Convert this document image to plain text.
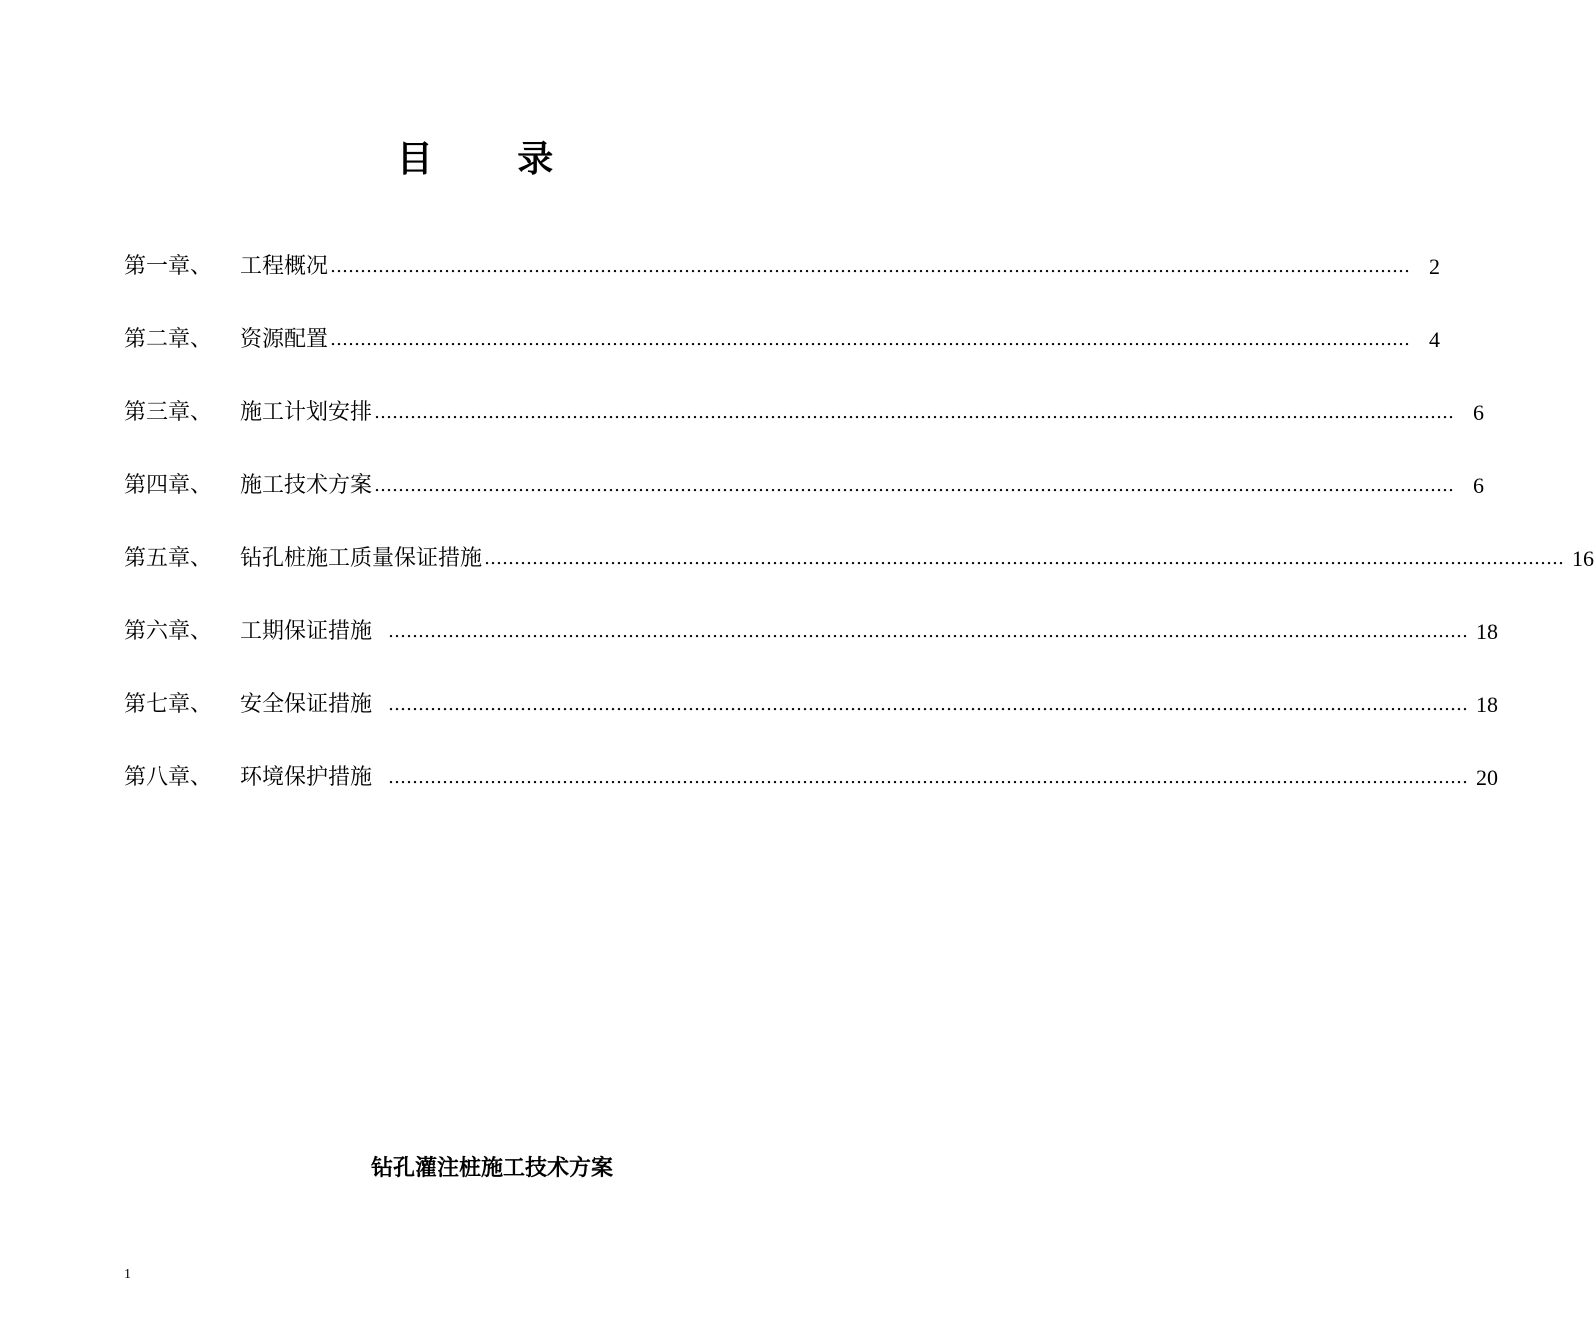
目 录
第一章、	工程概况 ……………………………………………………………………………………………………………………………………………………………… 2
第二章、	资源配置 ……………………………………………………………………………………………………………………………………………………………… 4
第三章、	施工计划安排 ……………………………………………………………………………………………………………………………………………………………… 6
第四章、	施工技术方案 ……………………………………………………………………………………………………………………………………………………………… 6
第五章、	钻孔桩施工质量保证措施 ……………………………………………………………………………………………………………………………………………………………… 16
第六章、	工期保证措施 ……………………………………………………………………………………………………………………………………………………………… 18
第七章、	安全保证措施 ……………………………………………………………………………………………………………………………………………………………… 18
第八章、	环境保护措施 ……………………………………………………………………………………………………………………………………………………………… 20
钻孔灌注桩施工技术方案
1
